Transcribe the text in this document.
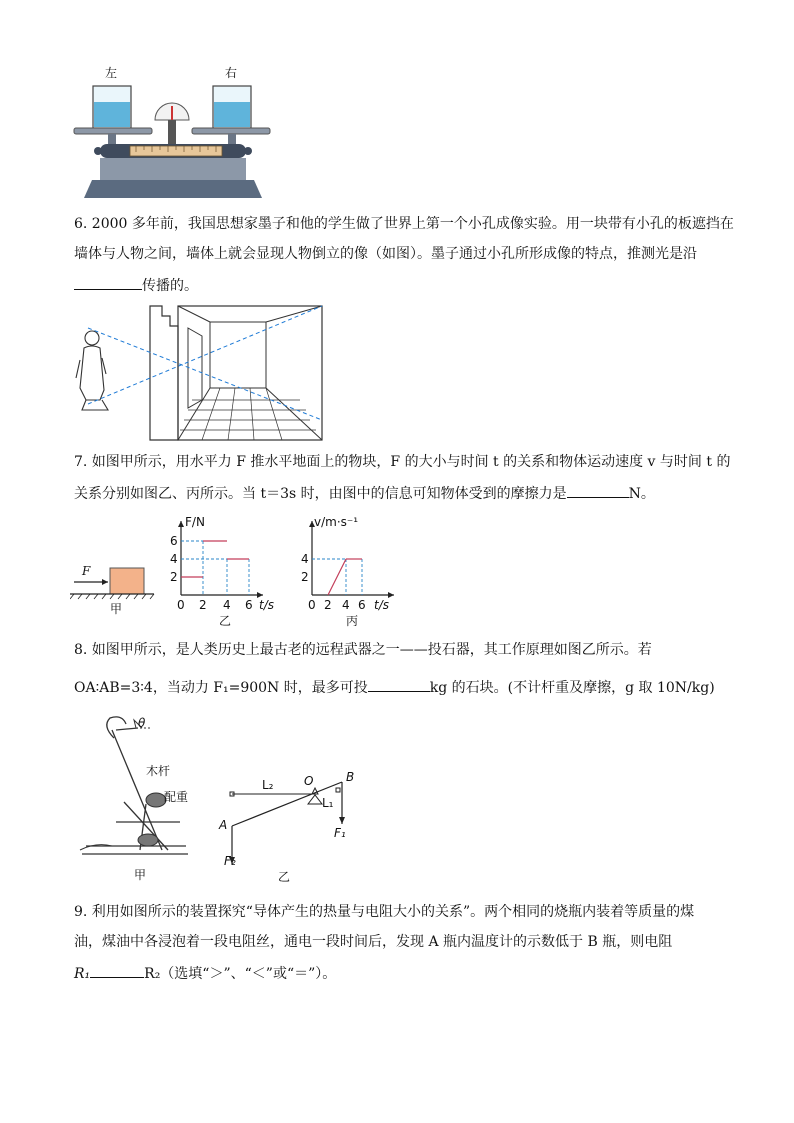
左	右
6. 2000 多年前，我国思想家墨子和他的学生做了世界上第一个小孔成像实验。用一块带有小孔的板遮挡在
墙体与人物之间，墙体上就会显现人物倒立的像（如图）。墨子通过小孔所形成像的特点，推测光是沿
传播的。
7. 如图甲所示，用水平力 F 推水平地面上的物块，F 的大小与时间 t 的关系和物体运动速度 v 与时间 t 的
关系分别如图乙、丙所示。当 t＝3s 时，由图中的信息可知物体受到的摩擦力是	N。
F
甲
F/N
6
4
2
0 2 4 6 t/s
乙
v/m·s⁻¹
4
2
0 2 4 6 t/s
丙
8. 如图甲所示，是人类历史上最古老的远程武器之一——投石器，其工作原理如图乙所示。若
OA∶AB=3∶4，当动力 F₁=900N 时，最多可投	kg 的石块。(不计杆重及摩擦，g 取 10N/kg)
θ
木杆
配重
甲
L₂	O
L₁
B
A
F₁
F₂
乙
9. 利用如图所示的装置探究“导体产生的热量与电阻大小的关系”。两个相同的烧瓶内装着等质量的煤
油，煤油中各浸泡着一段电阻丝，通电一段时间后，发现 A 瓶内温度计的示数低于 B 瓶，则电阻
R₁	R₂（选填“＞”、“＜”或“＝”）。
